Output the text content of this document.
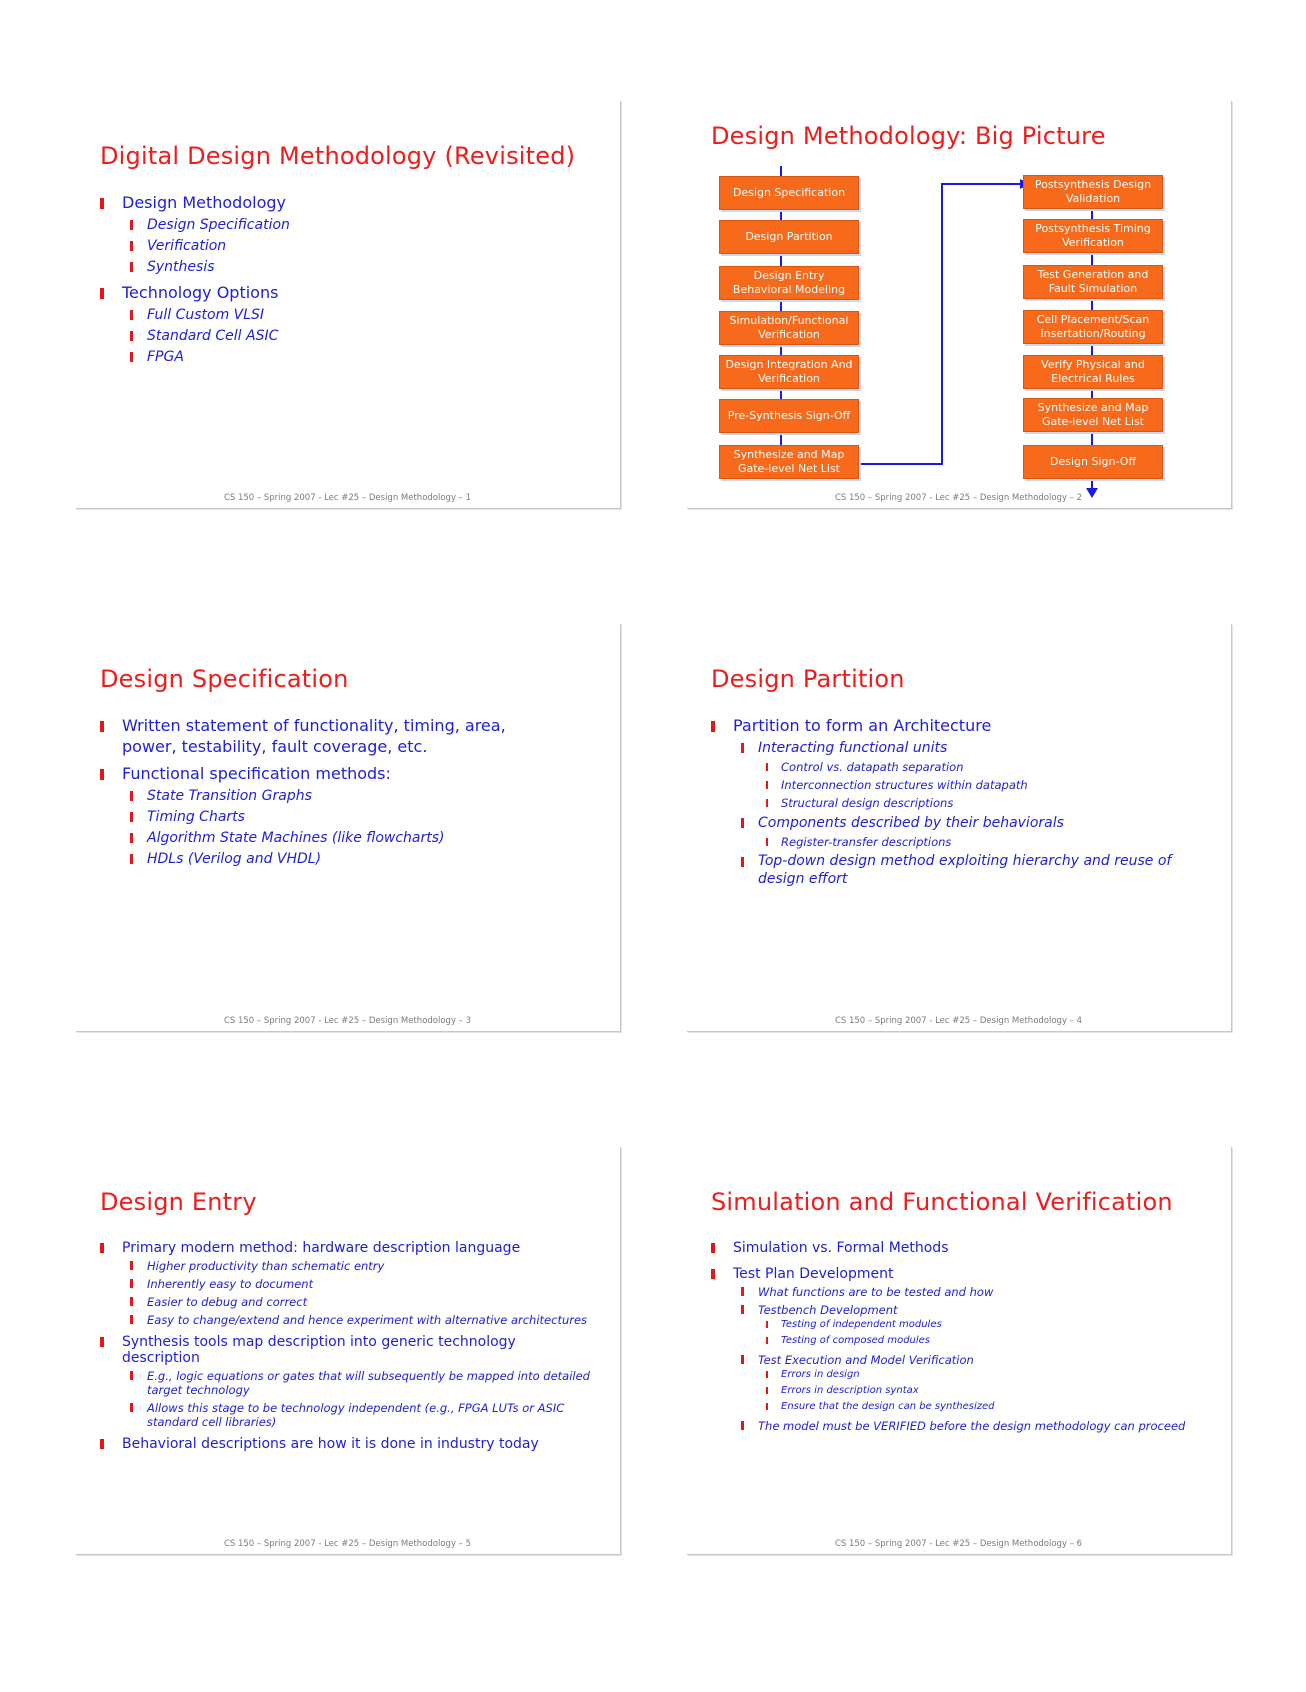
Digital Design Methodology (Revisited)
Design Methodology
Design Specification
Verification
Synthesis
Technology Options
Full Custom VLSI
Standard Cell ASIC
FPGA
CS 150 – Spring 2007 - Lec #25 – Design Methodology – 1
Design Methodology: Big Picture
Design Specification
Design Partition
Design Entry Behavioral Modeling
Simulation/Functional Verification
Design Integration And Verification
Pre-Synthesis Sign-Off
Synthesize and Map Gate-level Net List
Postsynthesis Design Validation
Postsynthesis Timing Verification
Test Generation and Fault Simulation
Cell Placement/Scan Insertation/Routing
Verify Physical and Electrical Rules
Synthesize and Map Gate-level Net List
Design Sign-Off
CS 150 – Spring 2007 - Lec #25 – Design Methodology – 2
Design Specification
Written statement of functionality, timing, area, power, testability, fault coverage, etc.
Functional specification methods:
State Transition Graphs
Timing Charts
Algorithm State Machines (like flowcharts)
HDLs (Verilog and VHDL)
CS 150 – Spring 2007 - Lec #25 – Design Methodology – 3
Design Partition
Partition to form an Architecture
Interacting functional units
Control vs. datapath separation
Interconnection structures within datapath
Structural design descriptions
Components described by their behaviorals
Register-transfer descriptions
Top-down design method exploiting hierarchy and reuse of design effort
CS 150 – Spring 2007 - Lec #25 – Design Methodology – 4
Design Entry
Primary modern method: hardware description language
Higher productivity than schematic entry
Inherently easy to document
Easier to debug and correct
Easy to change/extend and hence experiment with alternative architectures
Synthesis tools map description into generic technology description
E.g., logic equations or gates that will subsequently be mapped into detailed target technology
Allows this stage to be technology independent (e.g., FPGA LUTs or ASIC standard cell libraries)
Behavioral descriptions are how it is done in industry today
CS 150 – Spring 2007 - Lec #25 – Design Methodology – 5
Simulation and Functional Verification
Simulation vs. Formal Methods
Test Plan Development
What functions are to be tested and how
Testbench Development
Testing of independent modules
Testing of composed modules
Test Execution and Model Verification
Errors in design
Errors in description syntax
Ensure that the design can be synthesized
The model must be VERIFIED before the design methodology can proceed
CS 150 – Spring 2007 - Lec #25 – Design Methodology – 6
